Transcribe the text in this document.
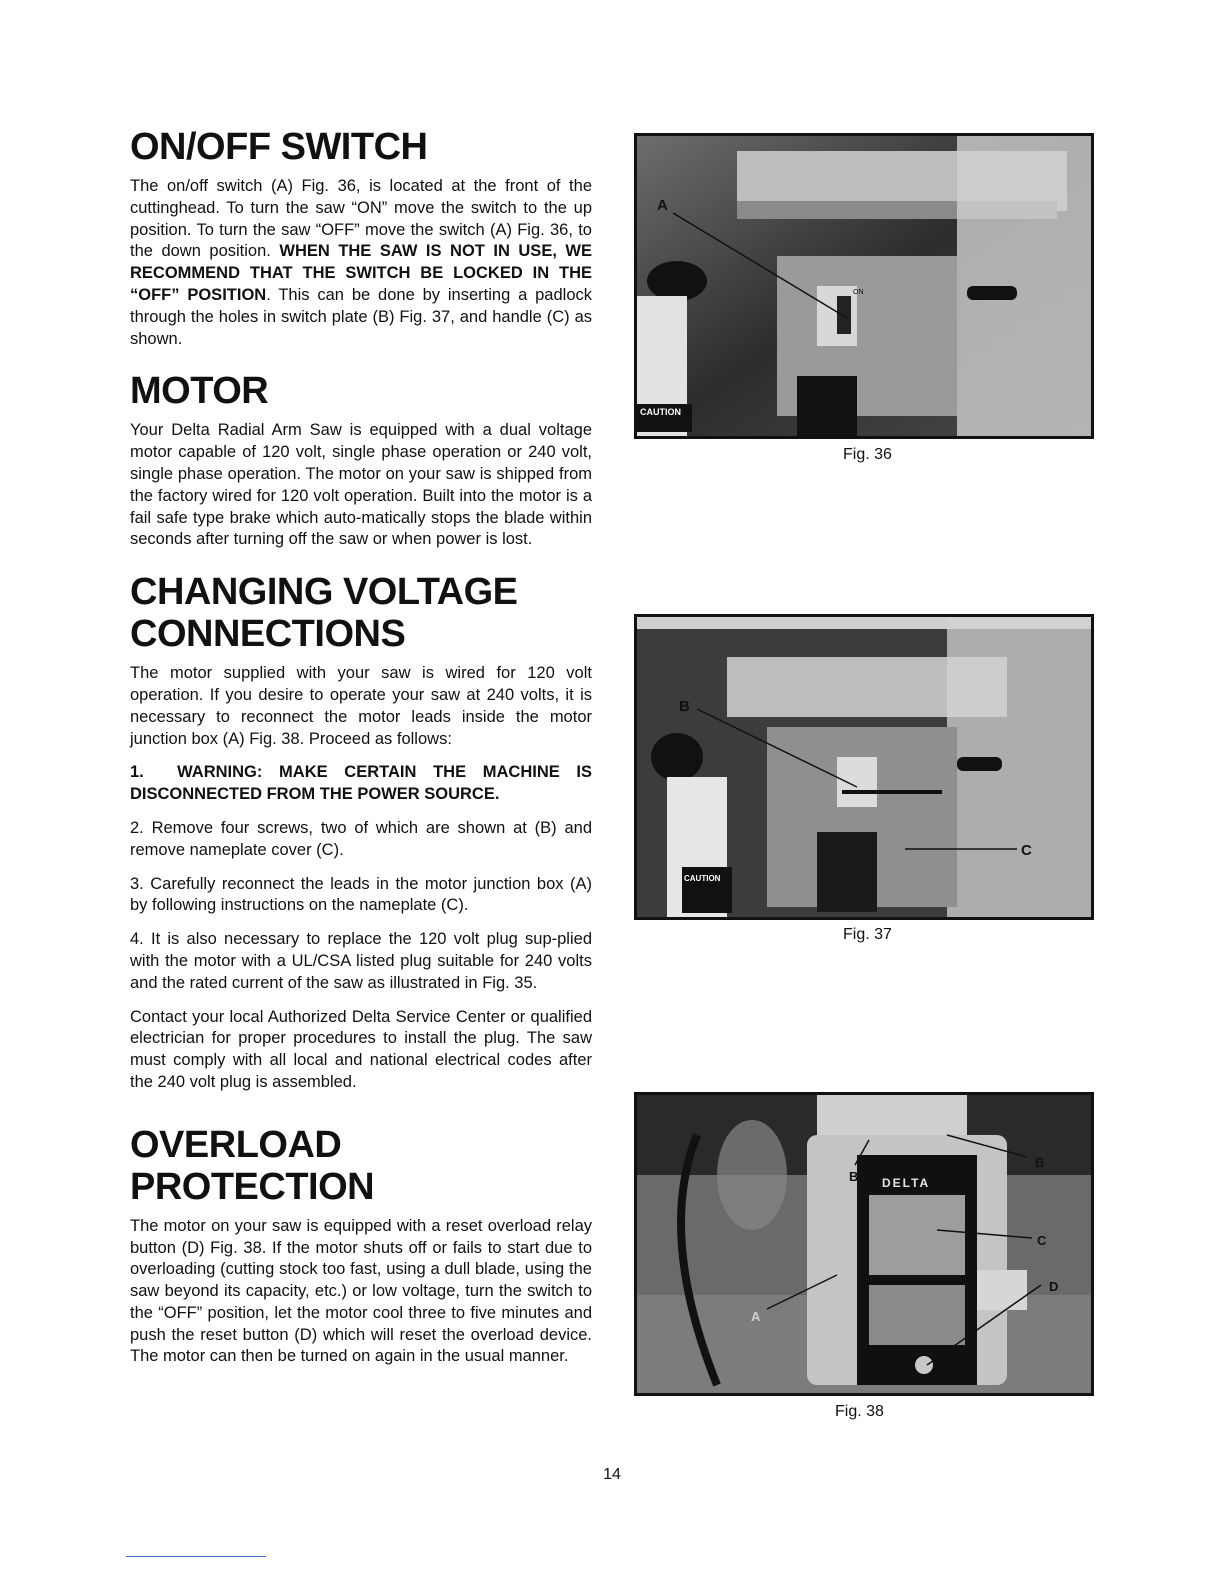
ON/OFF SWITCH

The on/off switch (A) Fig. 36, is located at the front of the cuttinghead. To turn the saw “ON” move the switch to the up position. To turn the saw “OFF” move the switch (A) Fig. 36, to the down position. WHEN THE SAW IS NOT IN USE, WE RECOMMEND THAT THE SWITCH BE LOCKED IN THE “OFF” POSITION. This can be done by inserting a padlock through the holes in switch plate (B) Fig. 37, and handle (C) as shown.

MOTOR

Your Delta Radial Arm Saw is equipped with a dual voltage motor capable of 120 volt, single phase operation or 240 volt, single phase operation. The motor on your saw is shipped from the factory wired for 120 volt operation. Built into the motor is a fail safe type brake which auto-matically stops the blade within seconds after turning off the saw or when power is lost.

CHANGING VOLTAGE
CONNECTIONS

The motor supplied with your saw is wired for 120 volt operation. If you desire to operate your saw at 240 volts, it is necessary to reconnect the motor leads inside the motor junction box (A) Fig. 38. Proceed as follows:

1. WARNING: MAKE CERTAIN THE MACHINE IS DISCONNECTED FROM THE POWER SOURCE.

2. Remove four screws, two of which are shown at (B) and remove nameplate cover (C).

3. Carefully reconnect the leads in the motor junction box (A) by following instructions on the nameplate (C).

4. It is also necessary to replace the 120 volt plug sup-plied with the motor with a UL/CSA listed plug suitable for 240 volts and the rated current of the saw as illustrated in Fig. 35.

Contact your local Authorized Delta Service Center or qualified electrician for proper procedures to install the plug. The saw must comply with all local and national electrical codes after the 240 volt plug is assembled.

OVERLOAD PROTECTION

The motor on your saw is equipped with a reset overload relay button (D) Fig. 38. If the motor shuts off or fails to start due to overloading (cutting stock too fast, using a dull blade, using the saw beyond its capacity, etc.) or low voltage, turn the switch to the “OFF” position, let the motor cool three to five minutes and push the reset button (D) which will reset the overload device. The motor can then be turned on again in the usual manner.

ON
CAUTION
A
Fig. 36
CAUTION
B
C
Fig. 37
DELTA
B
B
C
D
A
Fig. 38
14
